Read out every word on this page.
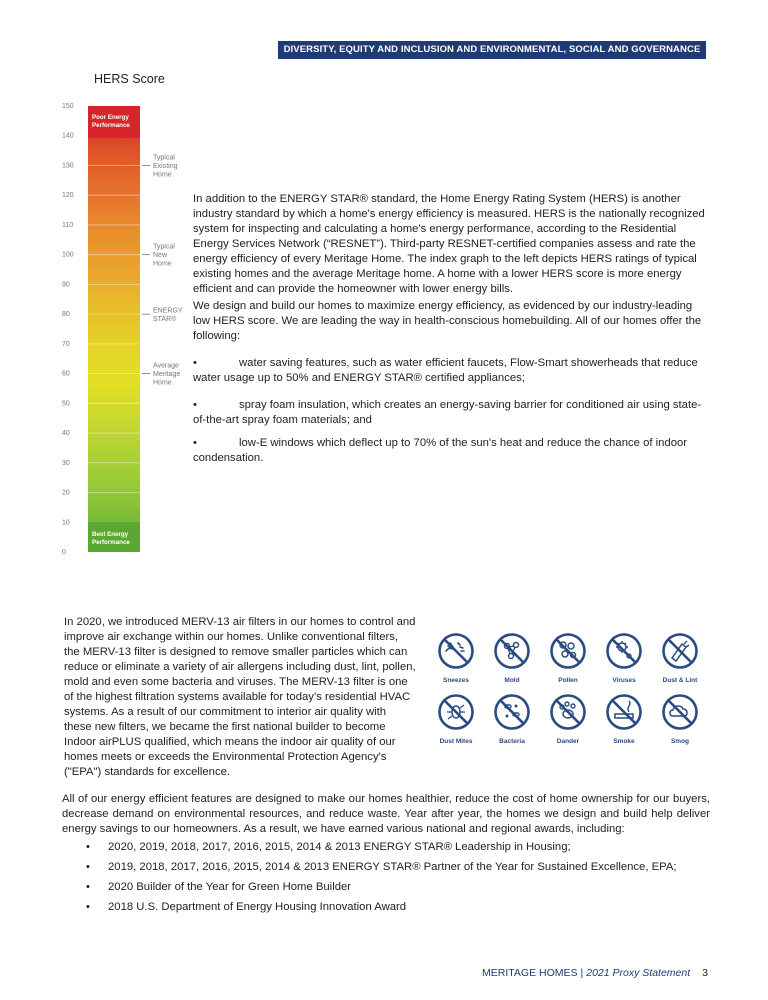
DIVERSITY, EQUITY AND INCLUSION AND ENVIRONMENTAL, SOCIAL AND GOVERNANCE PRACTICES
HERS Score
150
140
130
120
110
100
90
80
70
60
50
40
30
20
10
0
Poor Energy
Performance
Best Energy
Performance
Typical
Existing
Home
Typical
New
Home
ENERGY
STAR®
Average
Meritage
Home
In addition to the ENERGY STAR® standard, the Home Energy Rating System (HERS) is another industry standard by which a home's energy efficiency is measured. HERS is the nationally recognized system for inspecting and calculating a home's energy performance, according to the Residential Energy Services Network (“RESNET”). Third-party RESNET-certified companies assess and rate the energy efficiency of every Meritage Home. The index graph to the left depicts HERS ratings of typical existing homes and the average Meritage home. A home with a lower HERS score is more energy efficient and can provide the homeowner with lower energy bills.
We design and build our homes to maximize energy efficiency, as evidenced by our industry-leading low HERS score. We are leading the way in health-conscious homebuilding. All of our homes offer the following:
•	water saving features, such as water efficient faucets, Flow-Smart showerheads that reduce
water usage up to 50% and ENERGY STAR® certified appliances;
•	spray foam insulation, which creates an energy-saving barrier for conditioned air using state-
of-the-art spray foam materials; and
•	low-E windows which deflect up to 70% of the sun's heat and reduce the chance of indoor
condensation.
In 2020, we introduced MERV-13 air filters in our homes to control and improve air exchange within our homes. Unlike conventional filters, the MERV-13 filter is designed to remove smaller particles which can reduce or eliminate a variety of air allergens including dust, lint, pollen, mold and even some bacteria and viruses. The MERV-13 filter is one of the highest filtration systems available for today’s residential HVAC systems. As a result of our commitment to interior air quality with these new filters, we became the first national builder to become Indoor airPLUS qualified, which means the indoor air quality of our homes meets or exceeds the Environmental Protection Agency's ("EPA") standards for excellence.
Sneezes	Mold	Pollen	Viruses	Dust & Lint
Dust Mites	Bacteria	Dander	Smoke	Smog
All of our energy efficient features are designed to make our homes healthier, reduce the cost of home ownership for our buyers, decrease demand on environmental resources, and reduce waste. Year after year, the homes we design and build help deliver energy savings to our homeowners. As a result, we have earned various national and regional awards, including:
•	2020, 2019, 2018, 2017, 2016, 2015, 2014 & 2013 ENERGY STAR® Leadership in Housing;
•	2019, 2018, 2017, 2016, 2015, 2014 & 2013 ENERGY STAR® Partner of the Year for Sustained Excellence, EPA;
•	2020 Builder of the Year for Green Home Builder
•	2018 U.S. Department of Energy Housing Innovation Award
MERITAGE HOMES | 2021 Proxy Statement 3
